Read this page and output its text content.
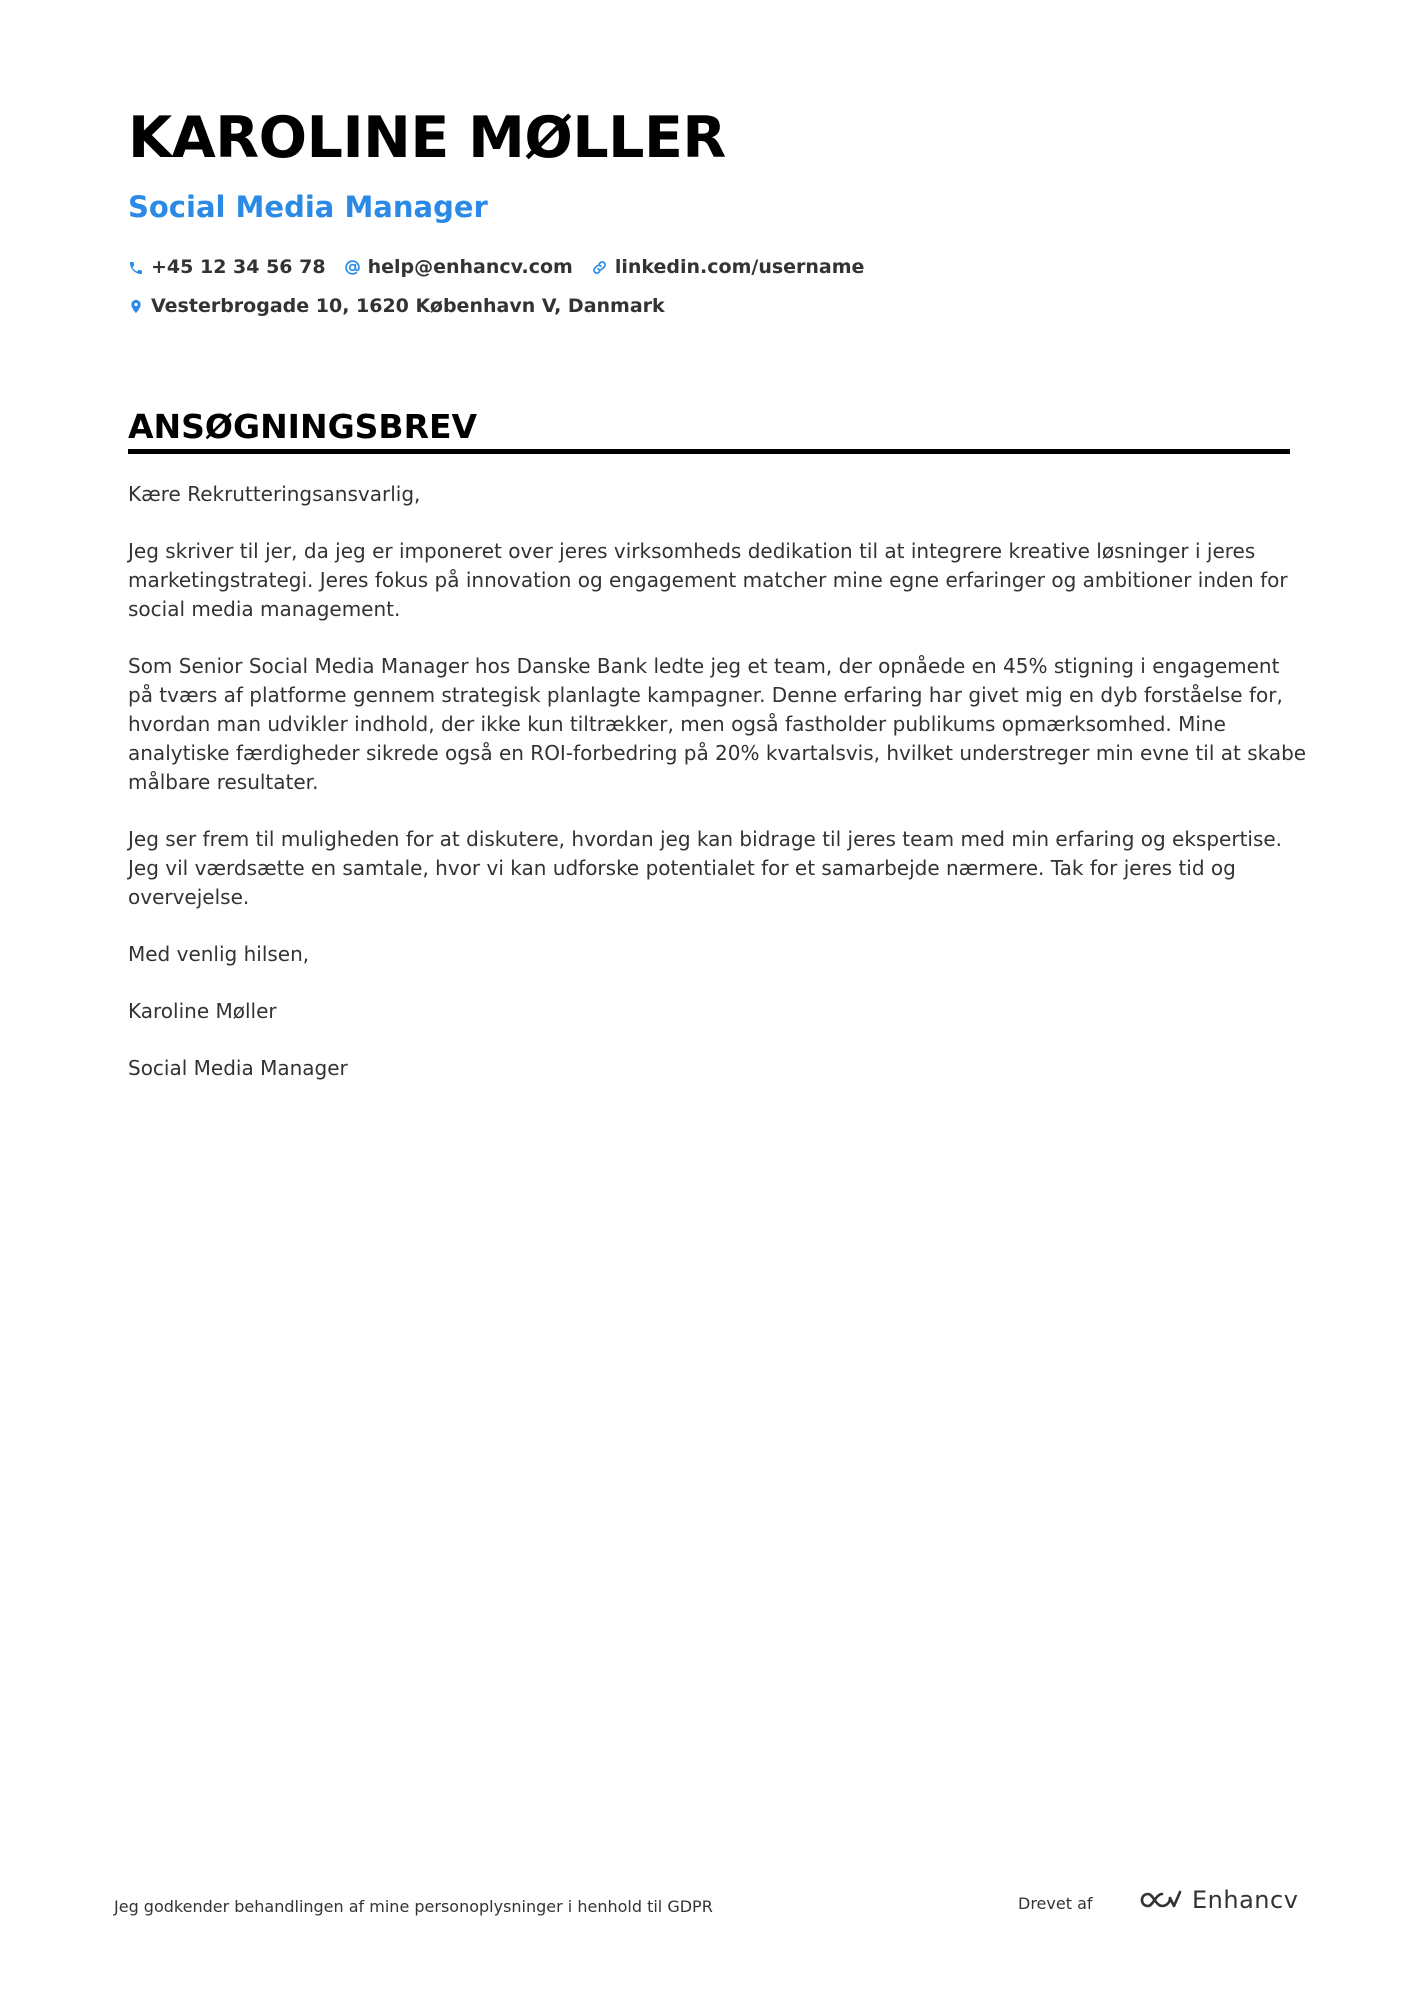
KAROLINE MØLLER
Social Media Manager
+45 12 34 56 78 help@enhancv.com linkedin.com/username
Vesterbrogade 10, 1620 København V, Danmark
ANSØGNINGSBREV

Kære Rekrutteringsansvarlig,

Jeg skriver til jer, da jeg er imponeret over jeres virksomheds dedikation til at integrere kreative løsninger i jeres marketingstrategi. Jeres fokus på innovation og engagement matcher mine egne erfaringer og ambitioner inden for social media management.

Som Senior Social Media Manager hos Danske Bank ledte jeg et team, der opnåede en 45% stigning i engagement på tværs af platforme gennem strategisk planlagte kampagner. Denne erfaring har givet mig en dyb forståelse for, hvordan man udvikler indhold, der ikke kun tiltrækker, men også fastholder publikums opmærksomhed. Mine analytiske færdigheder sikrede også en ROI-forbedring på 20% kvartalsvis, hvilket understreger min evne til at skabe målbare resultater.

Jeg ser frem til muligheden for at diskutere, hvordan jeg kan bidrage til jeres team med min erfaring og ekspertise. Jeg vil værdsætte en samtale, hvor vi kan udforske potentialet for et samarbejde nærmere. Tak for jeres tid og overvejelse.

Med venlig hilsen,

Karoline Møller

Social Media Manager

Jeg godkender behandlingen af mine personoplysninger i henhold til GDPR	Drevet af	Enhancv
